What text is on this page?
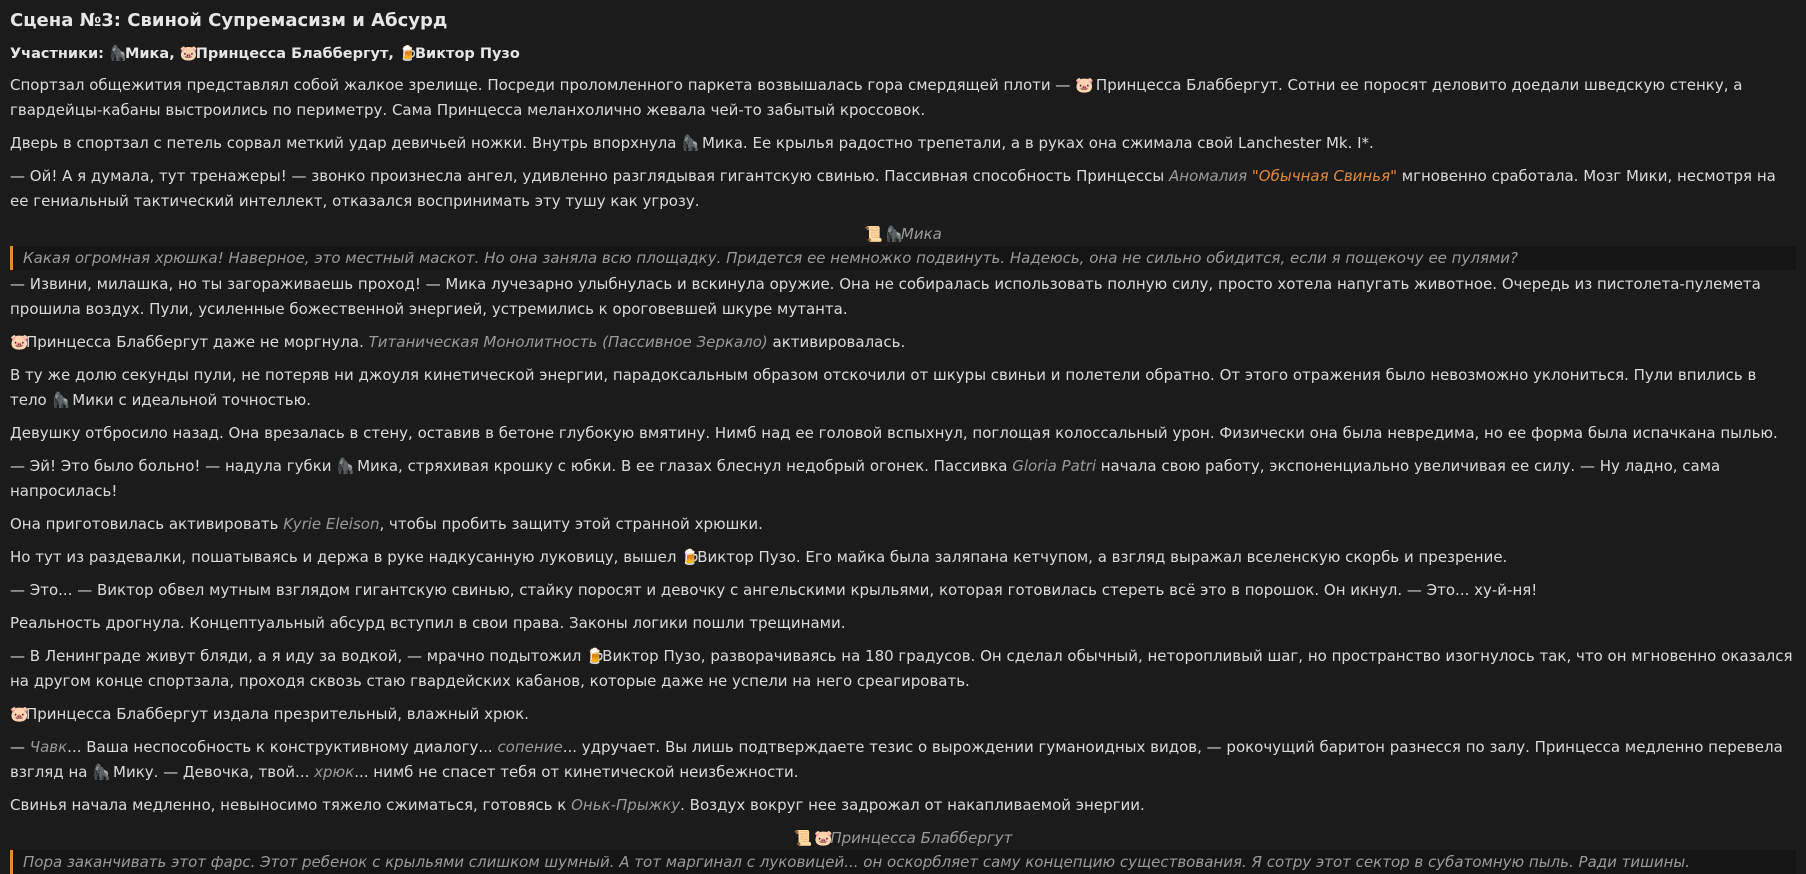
Сцена №3: Свиной Супремасизм и Абсурд
Участники: 🦍Мика, 🐷Принцесса Блаббергут, 🍺Виктор Пузо

Спортзал общежития представлял собой жалкое зрелище. Посреди проломленного паркета возвышалась гора смердящей плоти — 🐷 Принцесса Блаббергут. Сотни ее поросят деловито доедали шведскую стенку, а гвардейцы-кабаны выстроились по периметру. Сама Принцесса меланхолично жевала чей-то забытый кроссовок.

Дверь в спортзал с петель сорвал меткий удар девичьей ножки. Внутрь впорхнула 🦍 Мика. Ее крылья радостно трепетали, а в руках она сжимала свой Lanchester Mk. I*.

— Ой! А я думала, тут тренажеры! — звонко произнесла ангел, удивленно разглядывая гигантскую свинью. Пассивная способность Принцессы Аномалия "Обычная Свинья" мгновенно сработала. Мозг Мики, несмотря на ее гениальный тактический интеллект, отказался воспринимать эту тушу как угрозу.

📜 🦍Мика
Какая огромная хрюшка! Наверное, это местный маскот. Но она заняла всю площадку. Придется ее немножко подвинуть. Надеюсь, она не сильно обидится, если я пощекочу ее пулями?

— Извини, милашка, но ты загораживаешь проход! — Мика лучезарно улыбнулась и вскинула оружие. Она не собиралась использовать полную силу, просто хотела напугать животное. Очередь из пистолета-пулемета прошила воздух. Пули, усиленные божественной энергией, устремились к ороговевшей шкуре мутанта.

🐷Принцесса Блаббергут даже не моргнула. Титаническая Монолитность (Пассивное Зеркало) активировалась.

В ту же долю секунды пули, не потеряв ни джоуля кинетической энергии, парадоксальным образом отскочили от шкуры свиньи и полетели обратно. От этого отражения было невозможно уклониться. Пули впились в тело 🦍 Мики с идеальной точностью.

Девушку отбросило назад. Она врезалась в стену, оставив в бетоне глубокую вмятину. Нимб над ее головой вспыхнул, поглощая колоссальный урон. Физически она была невредима, но ее форма была испачкана пылью.

— Эй! Это было больно! — надула губки 🦍 Мика, стряхивая крошку с юбки. В ее глазах блеснул недобрый огонек. Пассивка Gloria Patri начала свою работу, экспоненциально увеличивая ее силу. — Ну ладно, сама напросилась!

Она приготовилась активировать Kyrie Eleison, чтобы пробить защиту этой странной хрюшки.

Но тут из раздевалки, пошатываясь и держа в руке надкусанную луковицу, вышел 🍺Виктор Пузо. Его майка была заляпана кетчупом, а взгляд выражал вселенскую скорбь и презрение.

— Это... — Виктор обвел мутным взглядом гигантскую свинью, стайку поросят и девочку с ангельскими крыльями, которая готовилась стереть всё это в порошок. Он икнул. — Это... ху-й-ня!

Реальность дрогнула. Концептуальный абсурд вступил в свои права. Законы логики пошли трещинами.

— В Ленинграде живут бляди, а я иду за водкой, — мрачно подытожил 🍺Виктор Пузо, разворачиваясь на 180 градусов. Он сделал обычный, неторопливый шаг, но пространство изогнулось так, что он мгновенно оказался на другом конце спортзала, проходя сквозь стаю гвардейских кабанов, которые даже не успели на него среагировать.

🐷Принцесса Блаббергут издала презрительный, влажный хрюк.

— Чавк... Ваша неспособность к конструктивному диалогу... сопение... удручает. Вы лишь подтверждаете тезис о вырождении гуманоидных видов, — рокочущий баритон разнесся по залу. Принцесса медленно перевела взгляд на 🦍 Мику. — Девочка, твой... хрюк... нимб не спасет тебя от кинетической неизбежности.

Свинья начала медленно, невыносимо тяжело сжиматься, готовясь к Оньк-Прыжку. Воздух вокруг нее задрожал от накапливаемой энергии.

📜 🐷Принцесса Блаббергут
Пора заканчивать этот фарс. Этот ребенок с крыльями слишком шумный. А тот маргинал с луковицей... он оскорбляет саму концепцию существования. Я сотру этот сектор в субатомную пыль. Ради тишины.
